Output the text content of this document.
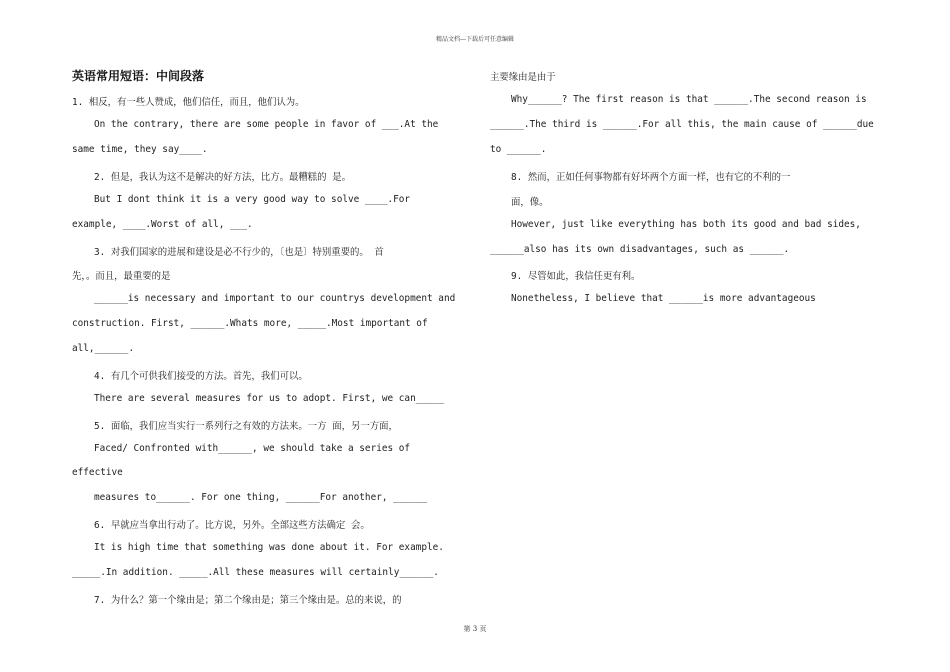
精品文档---下载后可任意编辑
英语常用短语：中间段落
1. 相反，有一些人赞成，他们信任，而且，他们认为。
On the contrary, there are some people in favor of ___.At the
same time, they say____.
2. 但是，我认为这不是解决的好方法，比方。最糟糕的 是。
But I dont think it is a very good way to solve ____.For
example, ____.Worst of all, ___.
3. 对我们国家的进展和建设是必不行少的，〔也是〕特别重要的。 首
先，。而且，最重要的是
______is necessary and important to our countrys development and
construction. First, ______.Whats more, _____.Most important of
all,______.
4. 有几个可供我们接受的方法。首先，我们可以。
There are several measures for us to adopt. First, we can_____
5. 面临，我们应当实行一系列行之有效的方法来。一方 面，另一方面，
Faced/ Confronted with______, we should take a series of
effective
measures to______. For one thing, ______For another, ______
6. 早就应当拿出行动了。比方说，另外。全部这些方法确定 会。
It is high time that something was done about it. For example.
_____.In addition. _____.All these measures will certainly______.
7. 为什么？第一个缘由是；第二个缘由是；第三个缘由是。总的来说，的
主要缘由是由于
Why______? The first reason is that ______.The second reason is
______.The third is ______.For all this, the main cause of ______due
to ______.
8. 然而，正如任何事物都有好坏两个方面一样，也有它的不利的一
面，像。
However, just like everything has both its good and bad sides,
______also has its own disadvantages, such as ______.
9. 尽管如此，我信任更有利。
Nonetheless, I believe that ______is more advantageous
第 3 页
